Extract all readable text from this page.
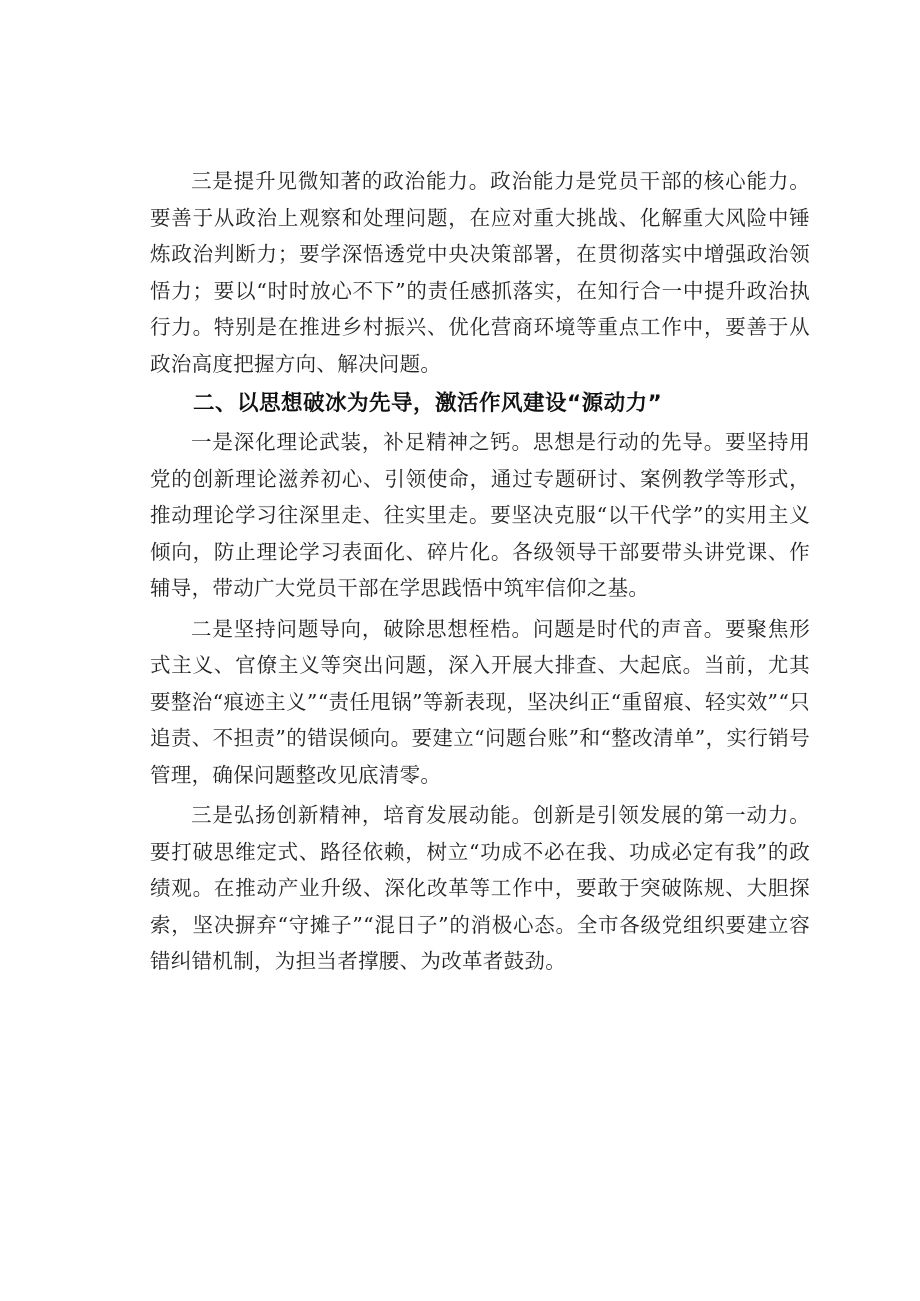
三是提升见微知著的政治能力。政治能力是党员干部的核心能力。要善于从政治上观察和处理问题，在应对重大挑战、化解重大风险中锤炼政治判断力；要学深悟透党中央决策部署，在贯彻落实中增强政治领悟力；要以“时时放心不下”的责任感抓落实，在知行合一中提升政治执行力。特别是在推进乡村振兴、优化营商环境等重点工作中，要善于从政治高度把握方向、解决问题。

二、以思想破冰为先导，激活作风建设“源动力”

一是深化理论武装，补足精神之钙。思想是行动的先导。要坚持用党的创新理论滋养初心、引领使命，通过专题研讨、案例教学等形式，推动理论学习往深里走、往实里走。要坚决克服“以干代学”的实用主义倾向，防止理论学习表面化、碎片化。各级领导干部要带头讲党课、作辅导，带动广大党员干部在学思践悟中筑牢信仰之基。

二是坚持问题导向，破除思想桎梏。问题是时代的声音。要聚焦形式主义、官僚主义等突出问题，深入开展大排查、大起底。当前，尤其要整治“痕迹主义”“责任甩锅”等新表现，坚决纠正“重留痕、轻实效”“只追责、不担责”的错误倾向。要建立“问题台账”和“整改清单”，实行销号管理，确保问题整改见底清零。

三是弘扬创新精神，培育发展动能。创新是引领发展的第一动力。要打破思维定式、路径依赖，树立“功成不必在我、功成必定有我”的政绩观。在推动产业升级、深化改革等工作中，要敢于突破陈规、大胆探索，坚决摒弃“守摊子”“混日子”的消极心态。全市各级党组织要建立容错纠错机制，为担当者撑腰、为改革者鼓劲。
